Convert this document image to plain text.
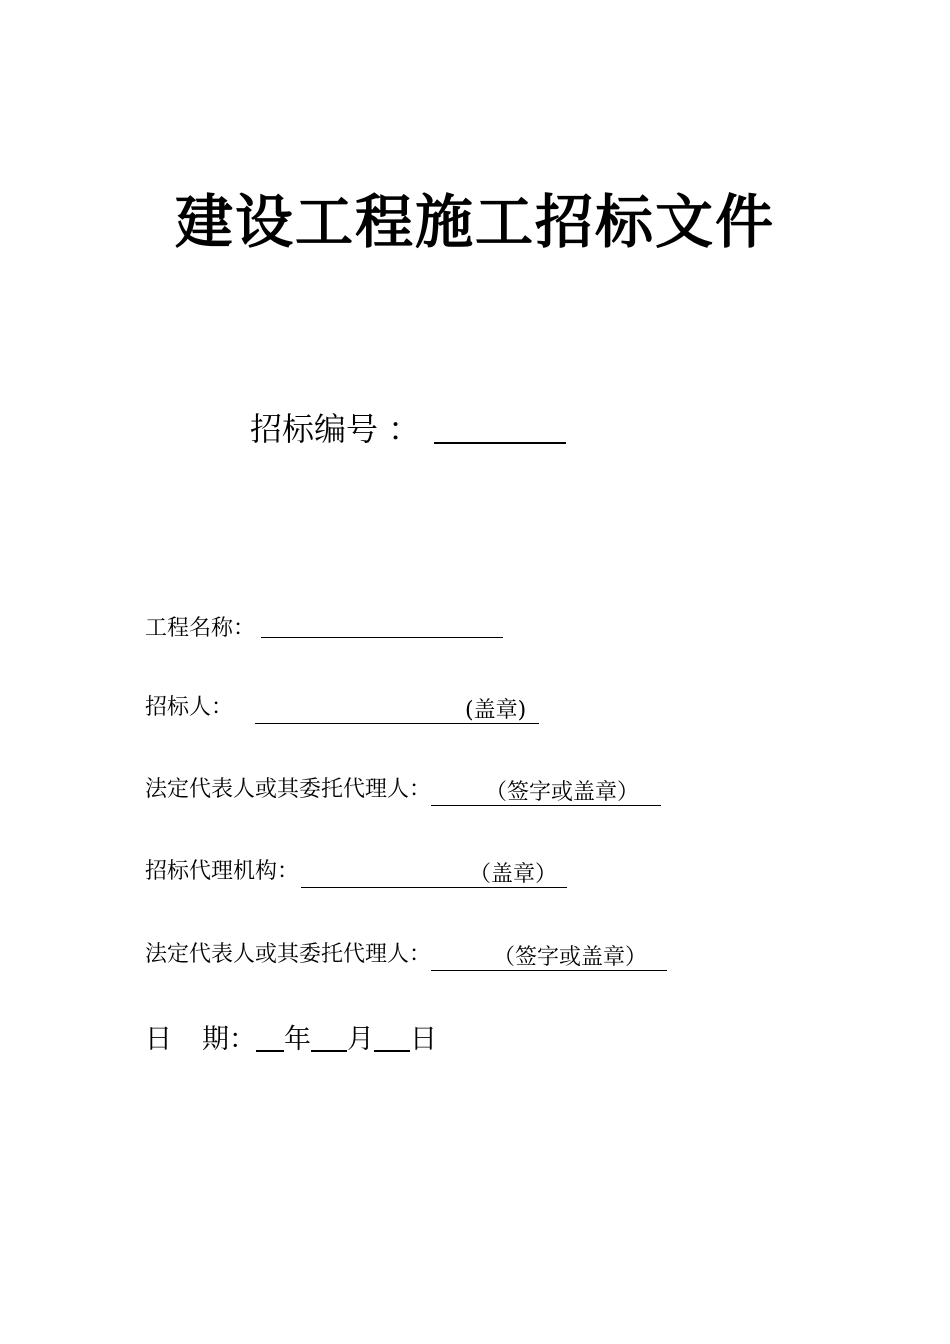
建设工程施工招标文件
招标编号 ：
工程名称：
招标人：	(盖章)
法定代表人或其委托代理人： （签字或盖章）
招标代理机构：	（盖章）
法定代表人或其委托代理人：	（签字或盖章）
日 期： 年 月 日
